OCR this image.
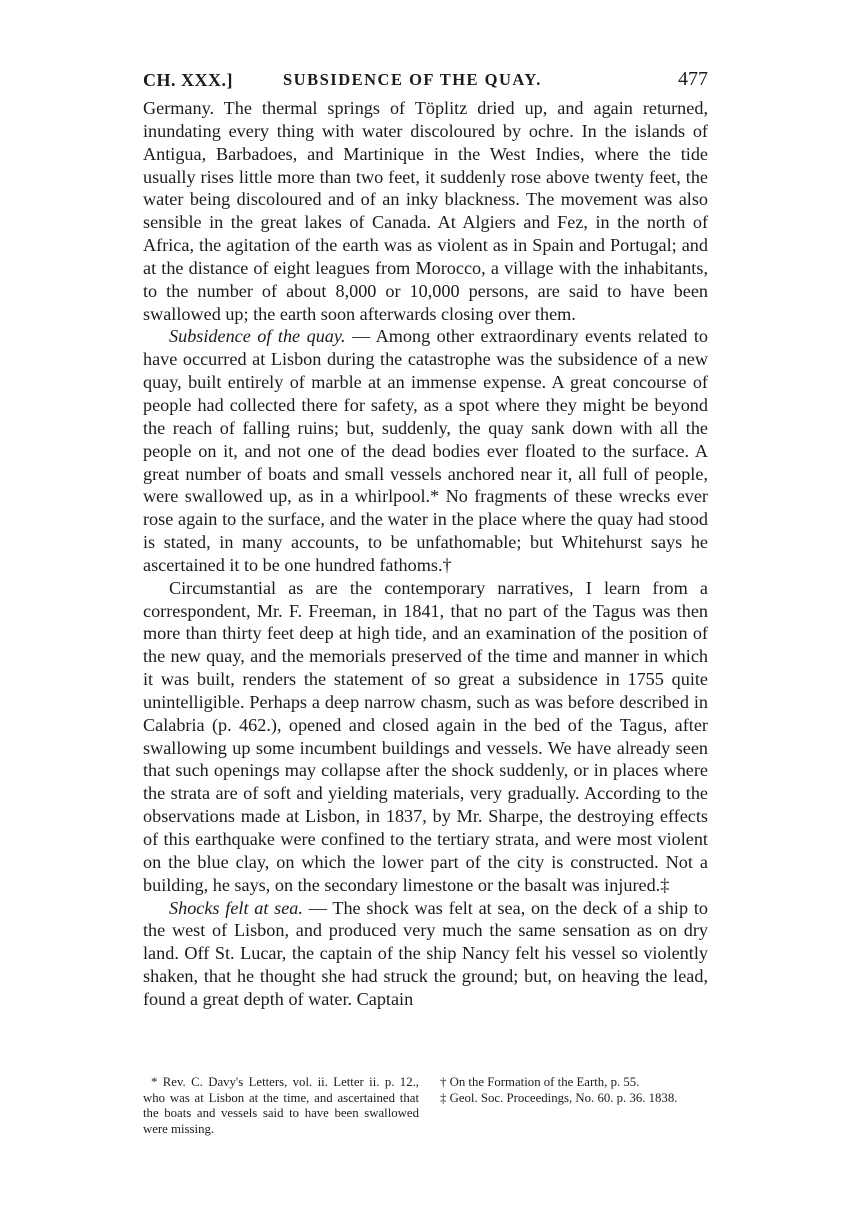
CH. XXX.]	SUBSIDENCE OF THE QUAY.	477

Germany. The thermal springs of Töplitz dried up, and again returned, inundating every thing with water discoloured by ochre. In the islands of Antigua, Barbadoes, and Martinique in the West Indies, where the tide usually rises little more than two feet, it suddenly rose above twenty feet, the water being discoloured and of an inky blackness. The movement was also sensible in the great lakes of Canada. At Algiers and Fez, in the north of Africa, the agitation of the earth was as violent as in Spain and Portugal; and at the distance of eight leagues from Morocco, a village with the inhabitants, to the number of about 8,000 or 10,000 persons, are said to have been swallowed up; the earth soon afterwards closing over them.

Subsidence of the quay. — Among other extraordinary events related to have occurred at Lisbon during the catastrophe was the subsidence of a new quay, built entirely of marble at an immense expense. A great concourse of people had collected there for safety, as a spot where they might be beyond the reach of falling ruins; but, suddenly, the quay sank down with all the people on it, and not one of the dead bodies ever floated to the surface. A great number of boats and small vessels anchored near it, all full of people, were swallowed up, as in a whirlpool.* No fragments of these wrecks ever rose again to the surface, and the water in the place where the quay had stood is stated, in many accounts, to be unfathomable; but Whitehurst says he ascertained it to be one hundred fathoms.†

Circumstantial as are the contemporary narratives, I learn from a correspondent, Mr. F. Freeman, in 1841, that no part of the Tagus was then more than thirty feet deep at high tide, and an examination of the position of the new quay, and the memorials preserved of the time and manner in which it was built, renders the statement of so great a subsidence in 1755 quite unintelligible. Perhaps a deep narrow chasm, such as was before described in Calabria (p. 462.), opened and closed again in the bed of the Tagus, after swallowing up some incumbent buildings and vessels. We have already seen that such openings may collapse after the shock suddenly, or in places where the strata are of soft and yielding materials, very gradually. According to the observations made at Lisbon, in 1837, by Mr. Sharpe, the destroying effects of this earthquake were confined to the tertiary strata, and were most violent on the blue clay, on which the lower part of the city is constructed. Not a building, he says, on the secondary limestone or the basalt was injured.‡

Shocks felt at sea. — The shock was felt at sea, on the deck of a ship to the west of Lisbon, and produced very much the same sensation as on dry land. Off St. Lucar, the captain of the ship Nancy felt his vessel so violently shaken, that he thought she had struck the ground; but, on heaving the lead, found a great depth of water. Captain

* Rev. C. Davy's Letters, vol. ii. Letter ii. p. 12., who was at Lisbon at the time, and ascertained that the boats and vessels said to have been swallowed were missing.

† On the Formation of the Earth, p. 55.

‡ Geol. Soc. Proceedings, No. 60. p. 36. 1838.
